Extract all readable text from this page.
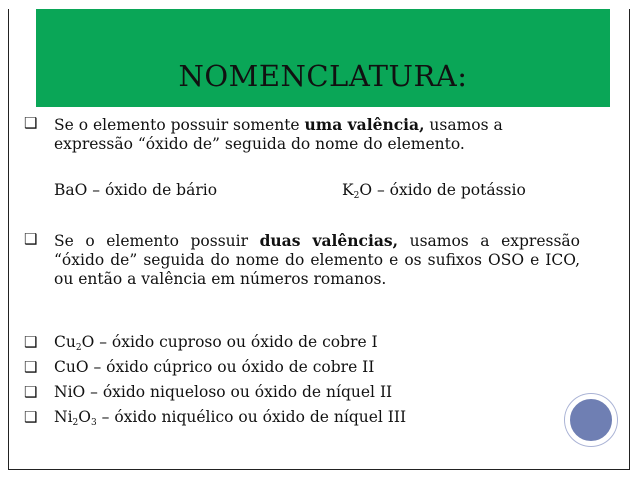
NOMENCLATURA:
❑ Se o elemento possuir somente uma valência, usamos a expressão “óxido de” seguida do nome do elemento.
BaO – óxido de bário	$K_2O$ – óxido de potássio
❑ Se o elemento possuir duas valências, usamos a expressão “óxido de” seguida do nome do elemento e os sufixos OSO e ICO, ou então a valência em números romanos.
❑ $Cu_2O$ – óxido cuproso ou óxido de cobre I
❑ CuO – óxido cúprico ou óxido de cobre II
❑ NiO – óxido niqueloso ou óxido de níquel II
❑ $Ni_2O_3$ – óxido niquélico ou óxido de níquel III
